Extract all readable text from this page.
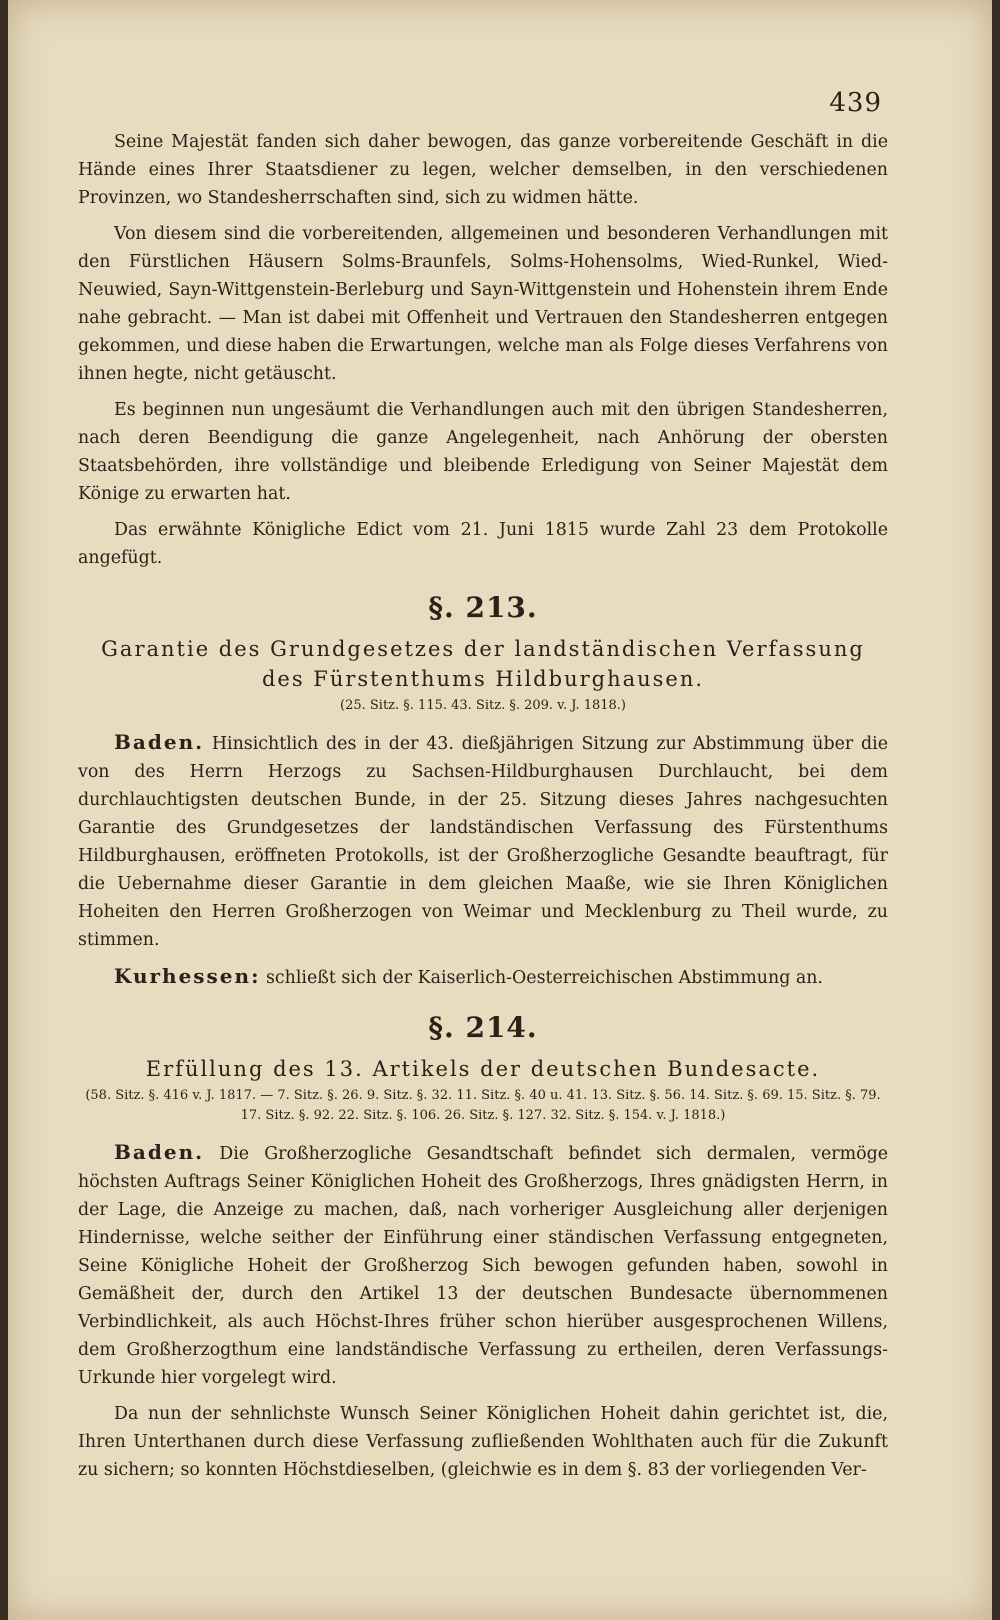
439

Seine Majestät fanden sich daher bewogen, das ganze vorbereitende Geschäft in die Hände eines Ihrer Staatsdiener zu legen, welcher demselben, in den verschiedenen Provinzen, wo Standesherrschaften sind, sich zu widmen hätte.

Von diesem sind die vorbereitenden, allgemeinen und besonderen Verhandlungen mit den Fürstlichen Häusern Solms-Braunfels, Solms-Hohensolms, Wied-Runkel, Wied-Neuwied, Sayn-Wittgenstein-Berleburg und Sayn-Wittgenstein und Hohenstein ihrem Ende nahe gebracht. — Man ist dabei mit Offenheit und Vertrauen den Standesherren entgegen gekommen, und diese haben die Erwartungen, welche man als Folge dieses Verfahrens von ihnen hegte, nicht getäuscht.

Es beginnen nun ungesäumt die Verhandlungen auch mit den übrigen Standesherren, nach deren Beendigung die ganze Angelegenheit, nach Anhörung der obersten Staatsbehörden, ihre vollständige und bleibende Erledigung von Seiner Majestät dem Könige zu erwarten hat.

Das erwähnte Königliche Edict vom 21. Juni 1815 wurde Zahl 23 dem Protokolle angefügt.

§. 213.
Garantie des Grundgesetzes der landständischen Verfassung des Fürstenthums Hildburghausen.
(25. Sitz. §. 115. 43. Sitz. §. 209. v. J. 1818.)

Baden. Hinsichtlich des in der 43. dießjährigen Sitzung zur Abstimmung über die von des Herrn Herzogs zu Sachsen-Hildburghausen Durchlaucht, bei dem durchlauchtigsten deutschen Bunde, in der 25. Sitzung dieses Jahres nachgesuchten Garantie des Grundgesetzes der landständischen Verfassung des Fürstenthums Hildburghausen, eröffneten Protokolls, ist der Großherzogliche Gesandte beauftragt, für die Uebernahme dieser Garantie in dem gleichen Maaße, wie sie Ihren Königlichen Hoheiten den Herren Großherzogen von Weimar und Mecklenburg zu Theil wurde, zu stimmen.

Kurhessen: schließt sich der Kaiserlich-Oesterreichischen Abstimmung an.

§. 214.
Erfüllung des 13. Artikels der deutschen Bundesacte.
(58. Sitz. §. 416 v. J. 1817. — 7. Sitz. §. 26. 9. Sitz. §. 32. 11. Sitz. §. 40 u. 41. 13. Sitz. §. 56. 14. Sitz. §. 69. 15. Sitz. §. 79. 17. Sitz. §. 92. 22. Sitz. §. 106. 26. Sitz. §. 127. 32. Sitz. §. 154. v. J. 1818.)

Baden. Die Großherzogliche Gesandtschaft befindet sich dermalen, vermöge höchsten Auftrags Seiner Königlichen Hoheit des Großherzogs, Ihres gnädigsten Herrn, in der Lage, die Anzeige zu machen, daß, nach vorheriger Ausgleichung aller derjenigen Hindernisse, welche seither der Einführung einer ständischen Verfassung entgegneten, Seine Königliche Hoheit der Großherzog Sich bewogen gefunden haben, sowohl in Gemäßheit der, durch den Artikel 13 der deutschen Bundesacte übernommenen Verbindlichkeit, als auch Höchst-Ihres früher schon hierüber ausgesprochenen Willens, dem Großherzogthum eine landständische Verfassung zu ertheilen, deren Verfassungs-Urkunde hier vorgelegt wird.

Da nun der sehnlichste Wunsch Seiner Königlichen Hoheit dahin gerichtet ist, die, Ihren Unterthanen durch diese Verfassung zufließenden Wohlthaten auch für die Zukunft zu sichern; so konnten Höchstdieselben, (gleichwie es in dem §. 83 der vorliegenden Ver-
